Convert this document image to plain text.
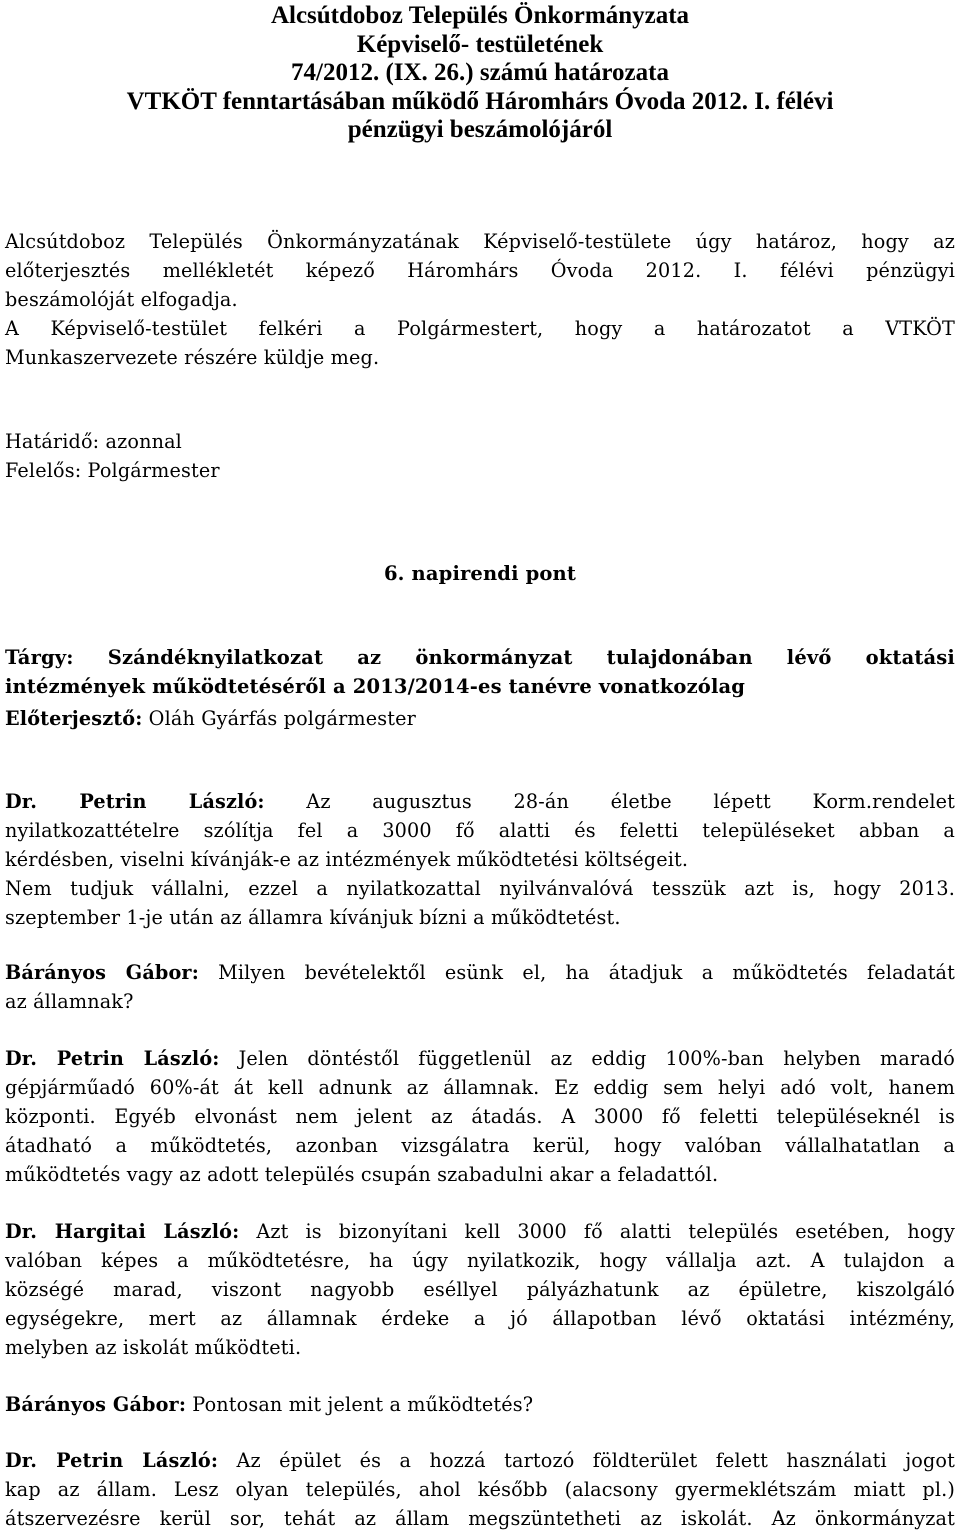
Alcsútdoboz Település Önkormányzata
Képviselő- testületének
74/2012. (IX. 26.) számú határozata
VTKÖT fenntartásában működő Háromhárs Óvoda 2012. I. félévi
pénzügyi beszámolójáról
Alcsútdoboz Település Önkormányzatának Képviselő-testülete úgy határoz, hogy az
előterjesztés mellékletét képező Háromhárs Óvoda 2012. I. félévi pénzügyi
beszámolóját elfogadja.
A Képviselő-testület felkéri a Polgármestert, hogy a határozatot a VTKÖT
Munkaszervezete részére küldje meg.
Határidő: azonnal
Felelős: Polgármester
6. napirendi pont
Tárgy: Szándéknyilatkozat az önkormányzat tulajdonában lévő oktatási
intézmények működtetéséről a 2013/2014-es tanévre vonatkozólag
Előterjesztő: Oláh Gyárfás polgármester
Dr. Petrin László: Az augusztus 28-án életbe lépett Korm.rendelet
nyilatkozattételre szólítja fel a 3000 fő alatti és feletti településeket abban a
kérdésben, viselni kívánják-e az intézmények működtetési költségeit.
Nem tudjuk vállalni, ezzel a nyilatkozattal nyilvánvalóvá tesszük azt is, hogy 2013.
szeptember 1-je után az államra kívánjuk bízni a működtetést.
Bárányos Gábor: Milyen bevételektől esünk el, ha átadjuk a működtetés feladatát
az államnak?
Dr. Petrin László: Jelen döntéstől függetlenül az eddig 100%-ban helyben maradó
gépjárműadó 60%-át át kell adnunk az államnak. Ez eddig sem helyi adó volt, hanem
központi. Egyéb elvonást nem jelent az átadás. A 3000 fő feletti településeknél is
átadható a működtetés, azonban vizsgálatra kerül, hogy valóban vállalhatatlan a
működtetés vagy az adott település csupán szabadulni akar a feladattól.
Dr. Hargitai László: Azt is bizonyítani kell 3000 fő alatti település esetében, hogy
valóban képes a működtetésre, ha úgy nyilatkozik, hogy vállalja azt. A tulajdon a
községé marad, viszont nagyobb eséllyel pályázhatunk az épületre, kiszolgáló
egységekre, mert az államnak érdeke a jó állapotban lévő oktatási intézmény,
melyben az iskolát működteti.
Bárányos Gábor: Pontosan mit jelent a működtetés?
Dr. Petrin László: Az épület és a hozzá tartozó földterület felett használati jogot
kap az állam. Lesz olyan település, ahol később (alacsony gyermeklétszám miatt pl.)
átszervezésre kerül sor, tehát az állam megszüntetheti az iskolát. Az önkormányzat
